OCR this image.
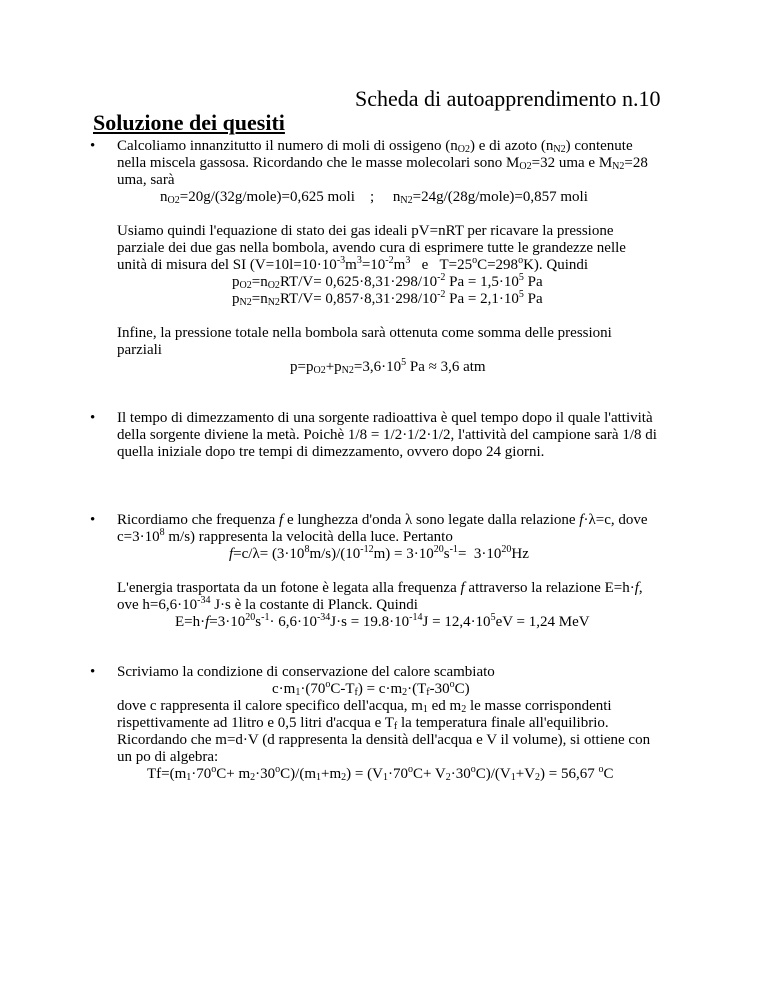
Scheda di autoapprendimento n.10
Soluzione dei quesiti
• Calcoliamo innanzitutto il numero di moli di ossigeno $(n_{O2})$ e di azoto $(n_{N2})$ contenute
nella miscela gassosa. Ricordando che le masse molecolari sono $M_{O2}=32$ uma e $M_{N2}=28$
uma, sarà
$n_{O2}=20g/(32g/mole)=0,625$ moli    ;     $n_{N2}=24g/(28g/mole)=0,857$ moli
Usiamo quindi l'equazione di stato dei gas ideali pV=nRT per ricavare la pressione
parziale dei due gas nella bombola, avendo cura di esprimere tutte le grandezze nelle
unità di misura del SI ($V=10l=10\cdot 10^{-3}m^3=10^{-2}m^3$   e   $T=25^oC=298^oK$). Quindi
$p_{O2}=n_{O2}RT/V= 0,625\cdot 8,31\cdot 298/10^{-2}$ $Pa = 1,5\cdot 10^5$ Pa
$p_{N2}=n_{N2}RT/V= 0,857\cdot 8,31\cdot 298/10^{-2}$ $Pa = 2,1\cdot 10^5$ Pa
Infine, la pressione totale nella bombola sarà ottenuta come somma delle pressioni
parziali
$p=p_{O2}+p_{N2}=3,6\cdot 10^5$ Pa ≈ 3,6 atm
• Il tempo di dimezzamento di una sorgente radioattiva è quel tempo dopo il quale l'attività
della sorgente diviene la metà. Poichè 1/8 = 1/2·1/2·1/2, l'attività del campione sarà 1/8 di
quella iniziale dopo tre tempi di dimezzamento, ovvero dopo 24 giorni.
• Ricordiamo che frequenza f e lunghezza d'onda λ sono legate dalla relazione f·λ=c, dove
$c=3\cdot 10^8$ m/s) rappresenta la velocità della luce. Pertanto
$f=c/\lambda= (3\cdot 10^8m/s)/(10^{-12}m) = 3\cdot 10^{20}s^{-1}= 3\cdot 10^{20}Hz$
L'energia trasportata da un fotone è legata alla frequenza f attraverso la relazione E=h·f,
ove $h=6,6\cdot 10^{-34}$ J·s è la costante di Planck. Quindi
$E=h\cdot f=3\cdot 10^{20}s^{-1}\cdot 6,6\cdot 10^{-34}J\cdot s = 19.8\cdot 10^{-14}J = 12,4\cdot 10^5eV = 1,24$ MeV
• Scriviamo la condizione di conservazione del calore scambiato
$c\cdot m_1\cdot(70^oC-T_f) = c\cdot m_2\cdot(T_f-30^oC)$
dove c rappresenta il calore specifico dell'acqua, $m_1$ ed $m_2$ le masse corrispondenti
rispettivamente ad 1litro e 0,5 litri d'acqua e $T_f$ la temperatura finale all'equilibrio.
Ricordando che m=d·V (d rappresenta la densità dell'acqua e V il volume), si ottiene con
un po di algebra:
$Tf=(m_1\cdot 70^oC+ m_2\cdot 30^oC)/(m_1+m_2) = (V_1\cdot 70^oC+ V_2\cdot 30^oC)/(V_1+V_2) = 56,67$ $^o$C
